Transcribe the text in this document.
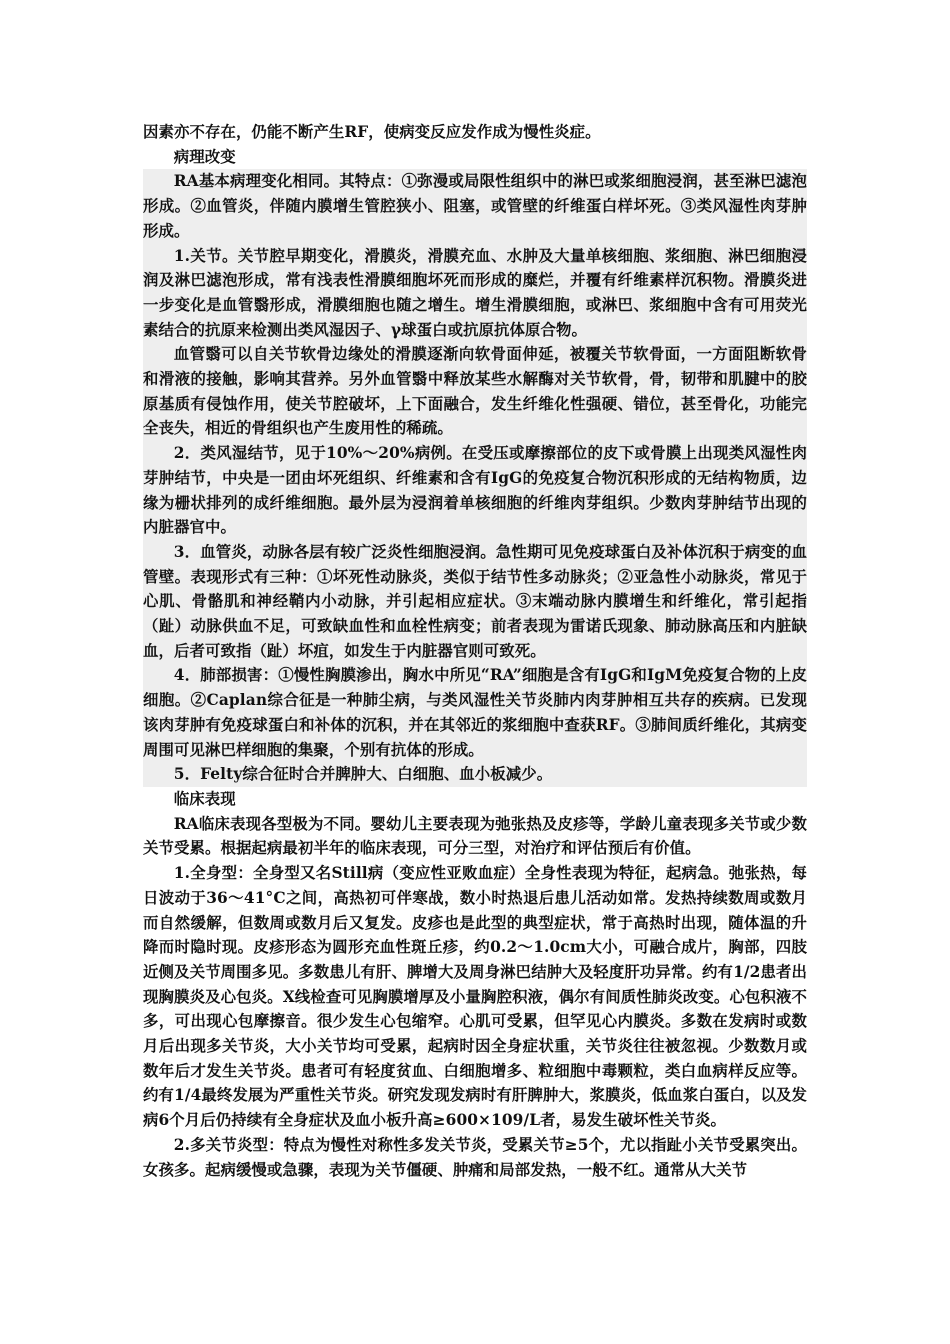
因素亦不存在，仍能不断产生RF，使病变反应发作成为慢性炎症。

病理改变

RA基本病理变化相同。其特点：①弥漫或局限性组织中的淋巴或浆细胞浸润，甚至淋巴滤泡形成。②血管炎，伴随内膜增生管腔狭小、阻塞，或管壁的纤维蛋白样坏死。③类风湿性肉芽肿形成。

1.关节。关节腔早期变化，滑膜炎，滑膜充血、水肿及大量单核细胞、浆细胞、淋巴细胞浸润及淋巴滤泡形成，常有浅表性滑膜细胞坏死而形成的糜烂，并覆有纤维素样沉积物。滑膜炎进一步变化是血管翳形成，滑膜细胞也随之增生。增生滑膜细胞，或淋巴、浆细胞中含有可用荧光素结合的抗原来检测出类风湿因子、γ球蛋白或抗原抗体原合物。

血管翳可以自关节软骨边缘处的滑膜逐渐向软骨面伸延，被覆关节软骨面，一方面阻断软骨和滑液的接触，影响其营养。另外血管翳中释放某些水解酶对关节软骨，骨，韧带和肌腱中的胶原基质有侵蚀作用，使关节腔破坏，上下面融合，发生纤维化性强硬、错位，甚至骨化，功能完全丧失，相近的骨组织也产生废用性的稀疏。

2．类风湿结节，见于10%～20%病例。在受压或摩擦部位的皮下或骨膜上出现类风湿性肉芽肿结节，中央是一团由坏死组织、纤维素和含有IgG的免疫复合物沉积形成的无结构物质，边缘为栅状排列的成纤维细胞。最外层为浸润着单核细胞的纤维肉芽组织。少数肉芽肿结节出现的内脏器官中。

3．血管炎，动脉各层有较广泛炎性细胞浸润。急性期可见免疫球蛋白及补体沉积于病变的血管壁。表现形式有三种：①坏死性动脉炎，类似于结节性多动脉炎；②亚急性小动脉炎，常见于心肌、骨骼肌和神经鞘内小动脉，并引起相应症状。③末端动脉内膜增生和纤维化，常引起指（趾）动脉供血不足，可致缺血性和血栓性病变；前者表现为雷诺氏现象、肺动脉高压和内脏缺血，后者可致指（趾）坏疽，如发生于内脏器官则可致死。

4．肺部损害：①慢性胸膜渗出，胸水中所见“RA”细胞是含有IgG和IgM免疫复合物的上皮细胞。②Caplan综合征是一种肺尘病，与类风湿性关节炎肺内肉芽肿相互共存的疾病。已发现该肉芽肿有免疫球蛋白和补体的沉积，并在其邻近的浆细胞中查获RF。③肺间质纤维化，其病变周围可见淋巴样细胞的集聚，个别有抗体的形成。

5．Felty综合征时合并脾肿大、白细胞、血小板减少。

临床表现

RA临床表现各型极为不同。婴幼儿主要表现为弛张热及皮疹等，学龄儿童表现多关节或少数关节受累。根据起病最初半年的临床表现，可分三型，对治疗和评估预后有价值。

1.全身型：全身型又名Still病（变应性亚败血症）全身性表现为特征，起病急。弛张热，每日波动于36～41°C之间，高热初可伴寒战，数小时热退后患儿活动如常。发热持续数周或数月而自然缓解，但数周或数月后又复发。皮疹也是此型的典型症状，常于高热时出现，随体温的升降而时隐时现。皮疹形态为圆形充血性斑丘疹，约0.2～1.0cm大小，可融合成片，胸部，四肢近侧及关节周围多见。多数患儿有肝、脾增大及周身淋巴结肿大及轻度肝功异常。约有1/2患者出现胸膜炎及心包炎。X线检查可见胸膜增厚及小量胸腔积液，偶尔有间质性肺炎改变。心包积液不多，可出现心包摩擦音。很少发生心包缩窄。心肌可受累，但罕见心内膜炎。多数在发病时或数月后出现多关节炎，大小关节均可受累，起病时因全身症状重，关节炎往往被忽视。少数数月或数年后才发生关节炎。患者可有轻度贫血、白细胞增多、粒细胞中毒颗粒，类白血病样反应等。约有1/4最终发展为严重性关节炎。研究发现发病时有肝脾肿大，浆膜炎，低血浆白蛋白，以及发病6个月后仍持续有全身症状及血小板升高≥600×109/L者，易发生破坏性关节炎。

2.多关节炎型：特点为慢性对称性多发关节炎，受累关节≥5个，尤以指趾小关节受累突出。女孩多。起病缓慢或急骤，表现为关节僵硬、肿痛和局部发热，一般不红。通常从大关节
